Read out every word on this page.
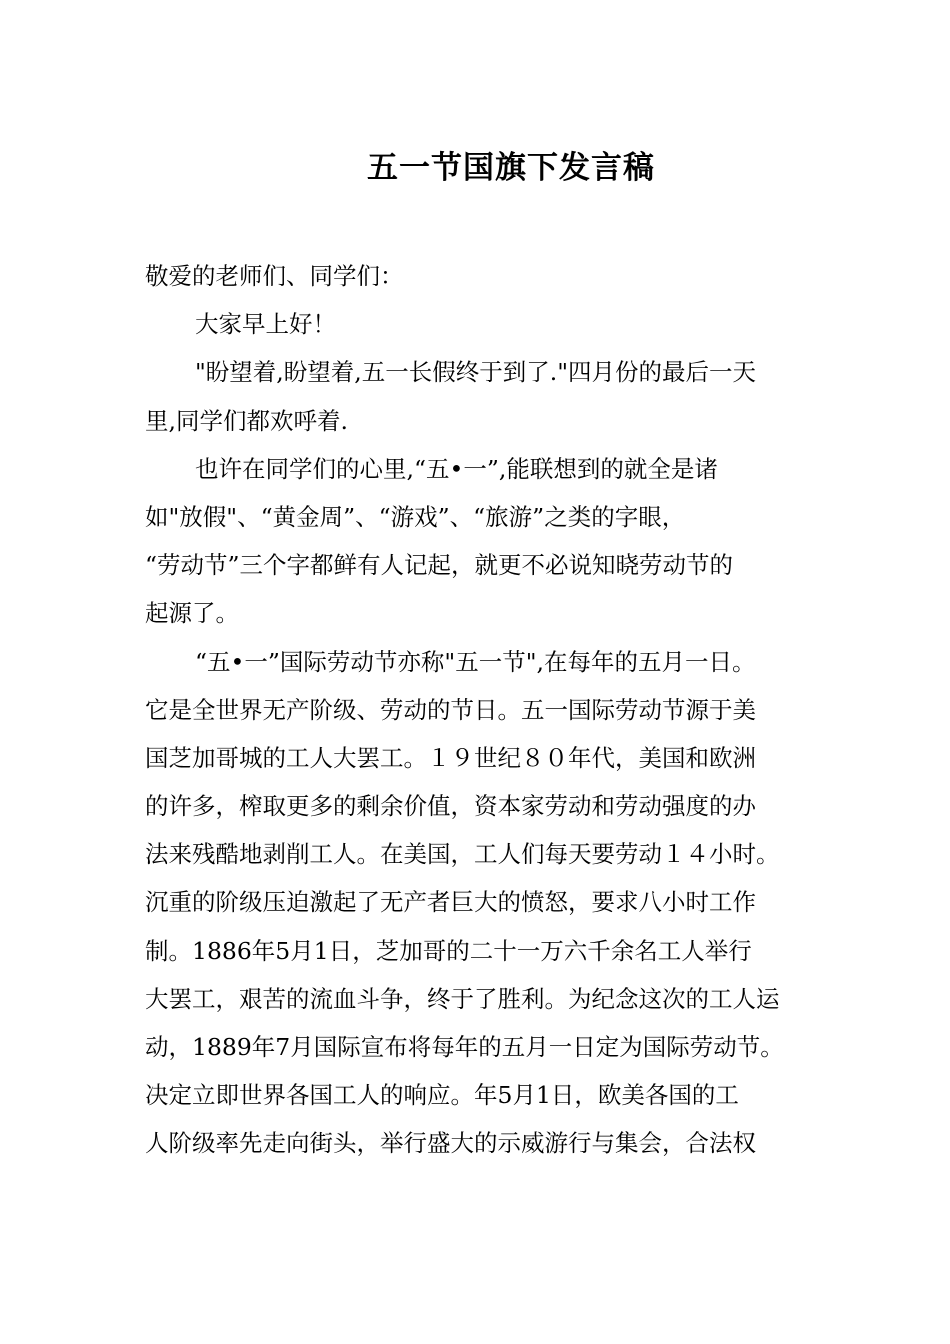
五一节国旗下发言稿
敬爱的老师们、同学们：
大家早上好！
"盼望着,盼望着,五一长假终于到了."四月份的最后一天
里,同学们都欢呼着.
也许在同学们的心里,“五•一”,能联想到的就全是诸
如"放假"、“黄金周”、“游戏”、“旅游”之类的字眼，
“劳动节”三个字都鲜有人记起，就更不必说知晓劳动节的
起源了。
“五•一”国际劳动节亦称"五一节",在每年的五月一日。
它是全世界无产阶级、劳动的节日。五一国际劳动节源于美
国芝加哥城的工人大罢工。１９世纪８０年代，美国和欧洲
的许多，榨取更多的剩余价值，资本家劳动和劳动强度的办
法来残酷地剥削工人。在美国，工人们每天要劳动１４小时。
沉重的阶级压迫激起了无产者巨大的愤怒，要求八小时工作
制。1886年5月1日，芝加哥的二十一万六千余名工人举行
大罢工，艰苦的流血斗争，终于了胜利。为纪念这次的工人运
动，1889年7月国际宣布将每年的五月一日定为国际劳动节。
决定立即世界各国工人的响应。年5月1日，欧美各国的工
人阶级率先走向街头，举行盛大的示威游行与集会，合法权
